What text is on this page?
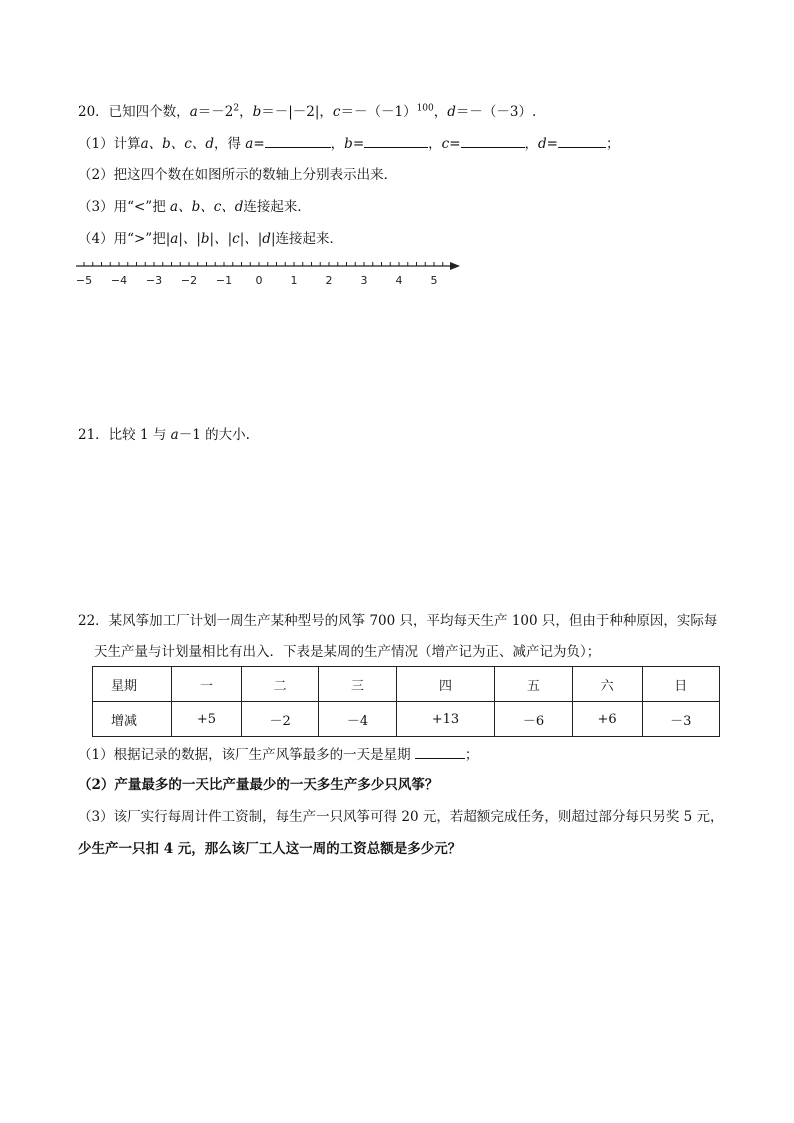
20．已知四个数，$a=-2^2$，b＝－|－2|，$c=-(-1)^{100}$，d＝－（－3）.
（1）计算a、b、c、d，得 a=	，b=	，c=	，d=	；
（2）把这四个数在如图所示的数轴上分别表示出来．
（3）用“<”把 a、b、c、d连接起来．
（4）用“>”把|a|、|b|、|c|、|d|连接起来．
−5 −4 −3 −2 −1 0	1	2	3	4	5
21．比较 1 与 a－1 的大小.
22．某风筝加工厂计划一周生产某种型号的风筝 700 只，平均每天生产 100 只，但由于种种原因，实际每
天生产量与计划量相比有出入．下表是某周的生产情况（增产记为正、减产记为负）；
星期	一	二	三	四	五	六	日
增减	+5	－2	－4	+13	－6	+6	－3
（1）根据记录的数据，该厂生产风筝最多的一天是星期	；
（2）产量最多的一天比产量最少的一天多生产多少只风筝？
（3）该厂实行每周计件工资制，每生产一只风筝可得 20 元，若超额完成任务，则超过部分每只另奖 5 元，
少生产一只扣 4 元，那么该厂工人这一周的工资总额是多少元？
